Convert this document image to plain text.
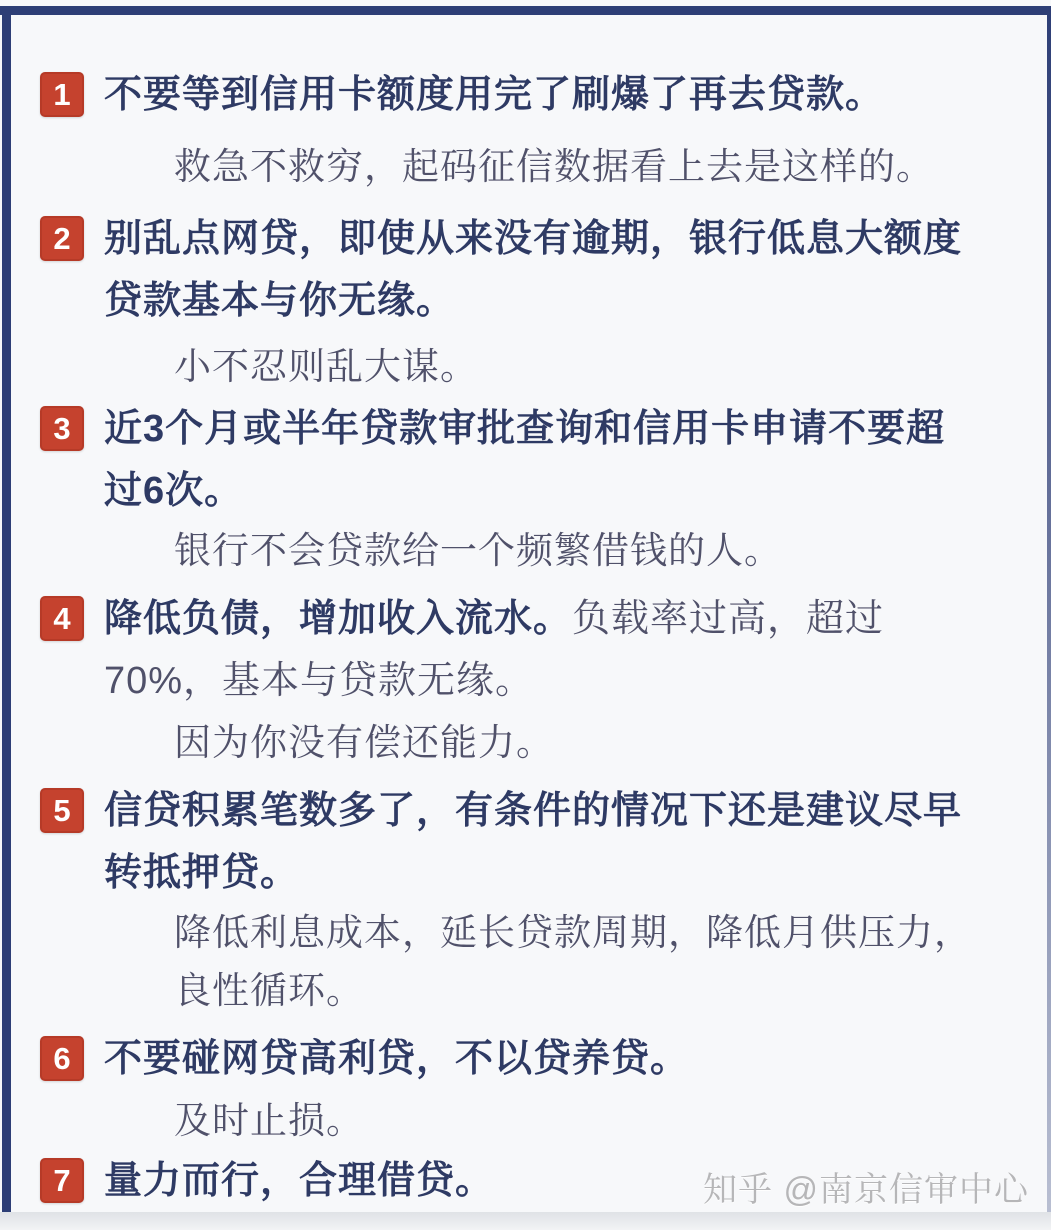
1 不要等到信用卡额度用完了刷爆了再去贷款。
救急不救穷，起码征信数据看上去是这样的。
2 别乱点网贷，即使从来没有逾期，银行低息大额度
贷款基本与你无缘。
小不忍则乱大谋。
3 近3个月或半年贷款审批查询和信用卡申请不要超
过6次。
银行不会贷款给一个频繁借钱的人。
4 降低负债，增加收入流水。负载率过高，超过
70%，基本与贷款无缘。
因为你没有偿还能力。
5 信贷积累笔数多了，有条件的情况下还是建议尽早
转抵押贷。
降低利息成本，延长贷款周期，降低月供压力，
良性循环。
6 不要碰网贷高利贷，不以贷养贷。
及时止损。
7 量力而行，合理借贷。	知乎 @南京信审中心
